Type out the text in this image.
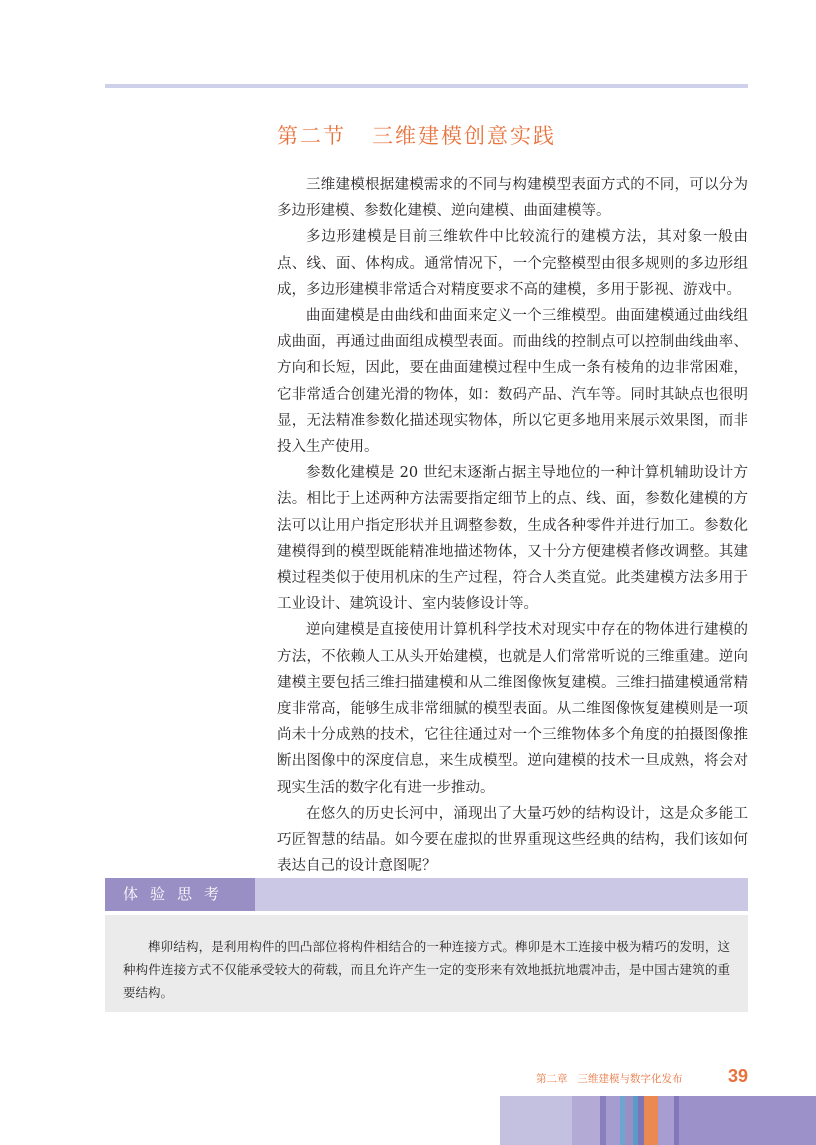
第二节 三维建模创意实践

三维建模根据建模需求的不同与构建模型表面方式的不同，可以分为多边形建模、参数化建模、逆向建模、曲面建模等。

多边形建模是目前三维软件中比较流行的建模方法，其对象一般由点、线、面、体构成。通常情况下，一个完整模型由很多规则的多边形组成，多边形建模非常适合对精度要求不高的建模，多用于影视、游戏中。

曲面建模是由曲线和曲面来定义一个三维模型。曲面建模通过曲线组成曲面，再通过曲面组成模型表面。而曲线的控制点可以控制曲线曲率、方向和长短，因此，要在曲面建模过程中生成一条有棱角的边非常困难，它非常适合创建光滑的物体，如：数码产品、汽车等。同时其缺点也很明显，无法精准参数化描述现实物体，所以它更多地用来展示效果图，而非投入生产使用。

参数化建模是 20 世纪末逐渐占据主导地位的一种计算机辅助设计方法。相比于上述两种方法需要指定细节上的点、线、面，参数化建模的方法可以让用户指定形状并且调整参数，生成各种零件并进行加工。参数化建模得到的模型既能精准地描述物体，又十分方便建模者修改调整。其建模过程类似于使用机床的生产过程，符合人类直觉。此类建模方法多用于工业设计、建筑设计、室内装修设计等。

逆向建模是直接使用计算机科学技术对现实中存在的物体进行建模的方法，不依赖人工从头开始建模，也就是人们常常听说的三维重建。逆向建模主要包括三维扫描建模和从二维图像恢复建模。三维扫描建模通常精度非常高，能够生成非常细腻的模型表面。从二维图像恢复建模则是一项尚未十分成熟的技术，它往往通过对一个三维物体多个角度的拍摄图像推断出图像中的深度信息，来生成模型。逆向建模的技术一旦成熟，将会对现实生活的数字化有进一步推动。

在悠久的历史长河中，涌现出了大量巧妙的结构设计，这是众多能工巧匠智慧的结晶。如今要在虚拟的世界重现这些经典的结构，我们该如何表达自己的设计意图呢？

体验思考

榫卯结构，是利用构件的凹凸部位将构件相结合的一种连接方式。榫卯是木工连接中极为精巧的发明，这种构件连接方式不仅能承受较大的荷载，而且允许产生一定的变形来有效地抵抗地震冲击，是中国古建筑的重要结构。

第二章 三维建模与数字化发布	39
